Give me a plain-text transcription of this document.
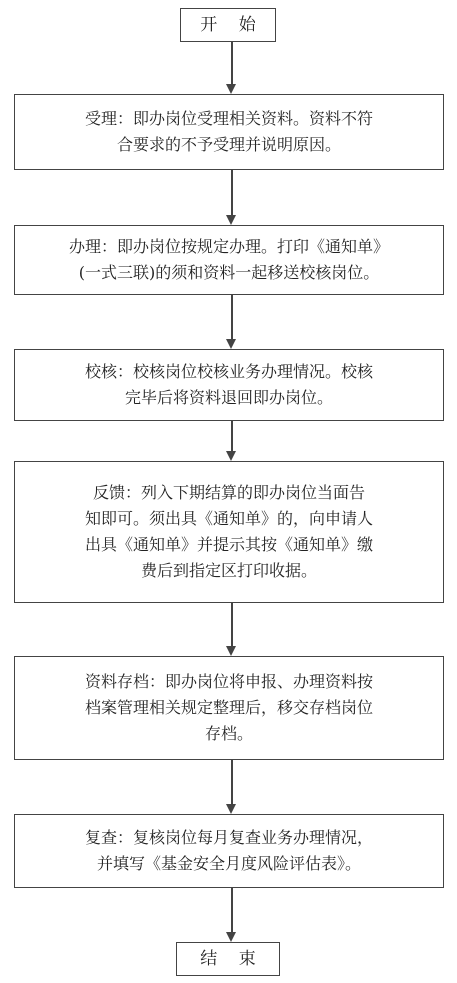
开 始
受理：即办岗位受理相关资料。资料不符
合要求的不予受理并说明原因。
办理：即办岗位按规定办理。打印《通知单》
(一式三联)的须和资料一起移送校核岗位。
校核：校核岗位校核业务办理情况。校核
完毕后将资料退回即办岗位。
反馈：列入下期结算的即办岗位当面告
知即可。须出具《通知单》的，向申请人
出具《通知单》并提示其按《通知单》缴
费后到指定区打印收据。
资料存档：即办岗位将申报、办理资料按
档案管理相关规定整理后，移交存档岗位
存档。
复查：复核岗位每月复查业务办理情况，
并填写《基金安全月度风险评估表》。
结 束
